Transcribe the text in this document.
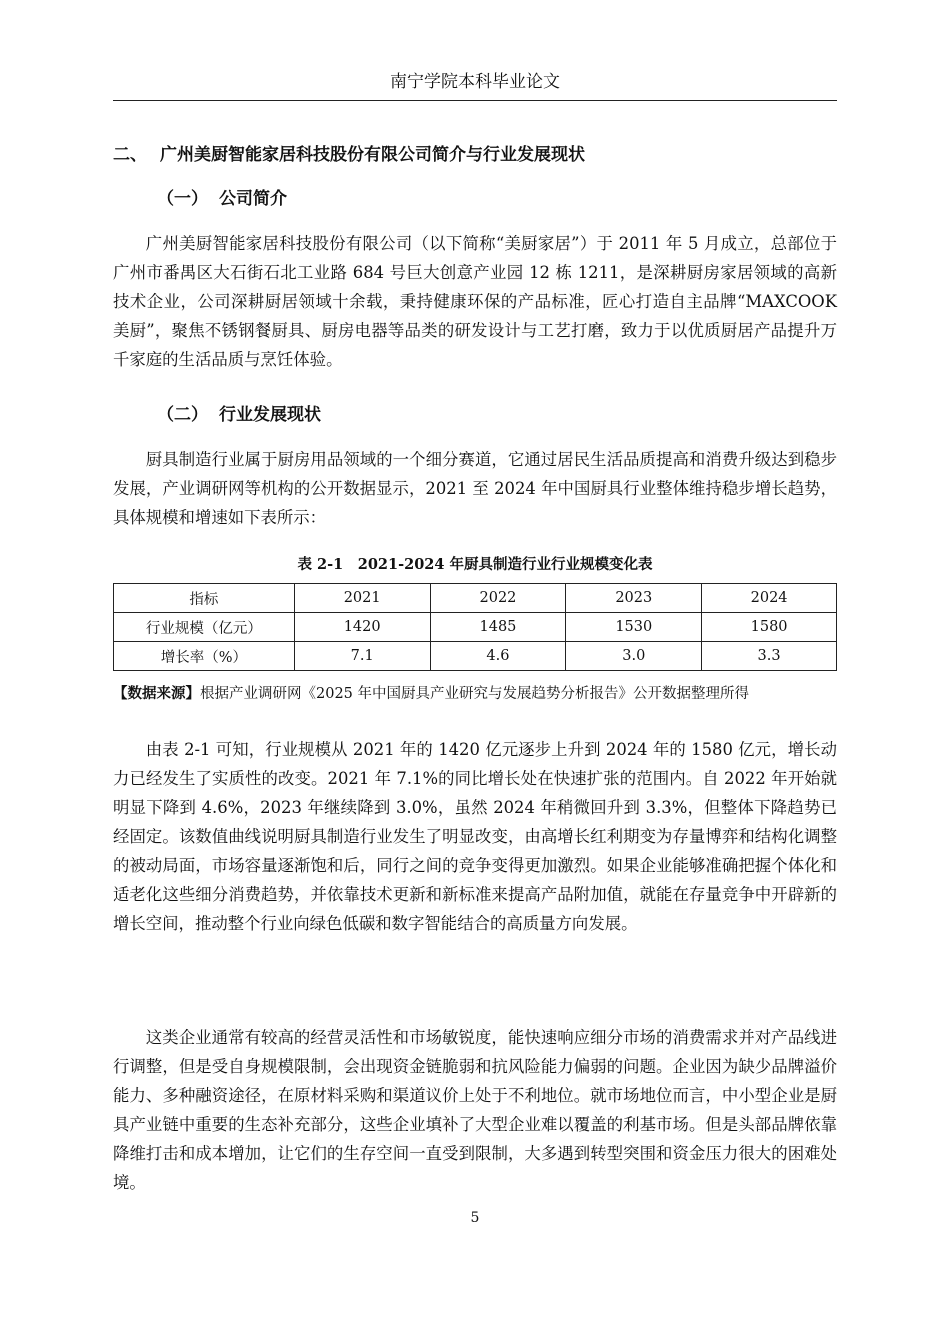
南宁学院本科毕业论文
二、 广州美厨智能家居科技股份有限公司简介与行业发展现状
（一） 公司简介

广州美厨智能家居科技股份有限公司（以下简称“美厨家居”）于 2011 年 5 月成立，总部位于广州市番禺区大石街石北工业路 684 号巨大创意产业园 12 栋 1211，是深耕厨房家居领域的高新技术企业，公司深耕厨居领域十余载，秉持健康环保的产品标准，匠心打造自主品牌“MAXCOOK 美厨”，聚焦不锈钢餐厨具、厨房电器等品类的研发设计与工艺打磨，致力于以优质厨居产品提升万千家庭的生活品质与烹饪体验。

（二） 行业发展现状

厨具制造行业属于厨房用品领域的一个细分赛道，它通过居民生活品质提高和消费升级达到稳步发展，产业调研网等机构的公开数据显示，2021 至 2024 年中国厨具行业整体维持稳步增长趋势，具体规模和增速如下表所示：

表 2-1　2021-2024 年厨具制造行业行业规模变化表
指标	2021	2022	2023	2024
行业规模（亿元）	1420	1485	1530	1580
增长率（%）	7.1	4.6	3.0	3.3
【数据来源】根据产业调研网《2025 年中国厨具产业研究与发展趋势分析报告》公开数据整理所得

由表 2-1 可知，行业规模从 2021 年的 1420 亿元逐步上升到 2024 年的 1580 亿元，增长动力已经发生了实质性的改变。2021 年 7.1%的同比增长处在快速扩张的范围内。自 2022 年开始就明显下降到 4.6%，2023 年继续降到 3.0%，虽然 2024 年稍微回升到 3.3%，但整体下降趋势已经固定。该数值曲线说明厨具制造行业发生了明显改变，由高增长红利期变为存量博弈和结构化调整的被动局面，市场容量逐渐饱和后，同行之间的竞争变得更加激烈。如果企业能够准确把握个体化和适老化这些细分消费趋势，并依靠技术更新和新标准来提高产品附加值，就能在存量竞争中开辟新的增长空间，推动整个行业向绿色低碳和数字智能结合的高质量方向发展。

这类企业通常有较高的经营灵活性和市场敏锐度，能快速响应细分市场的消费需求并对产品线进行调整，但是受自身规模限制，会出现资金链脆弱和抗风险能力偏弱的问题。企业因为缺少品牌溢价能力、多种融资途径，在原材料采购和渠道议价上处于不利地位。就市场地位而言，中小型企业是厨具产业链中重要的生态补充部分，这些企业填补了大型企业难以覆盖的利基市场。但是头部品牌依靠降维打击和成本增加，让它们的生存空间一直受到限制，大多遇到转型突围和资金压力很大的困难处境。

5
